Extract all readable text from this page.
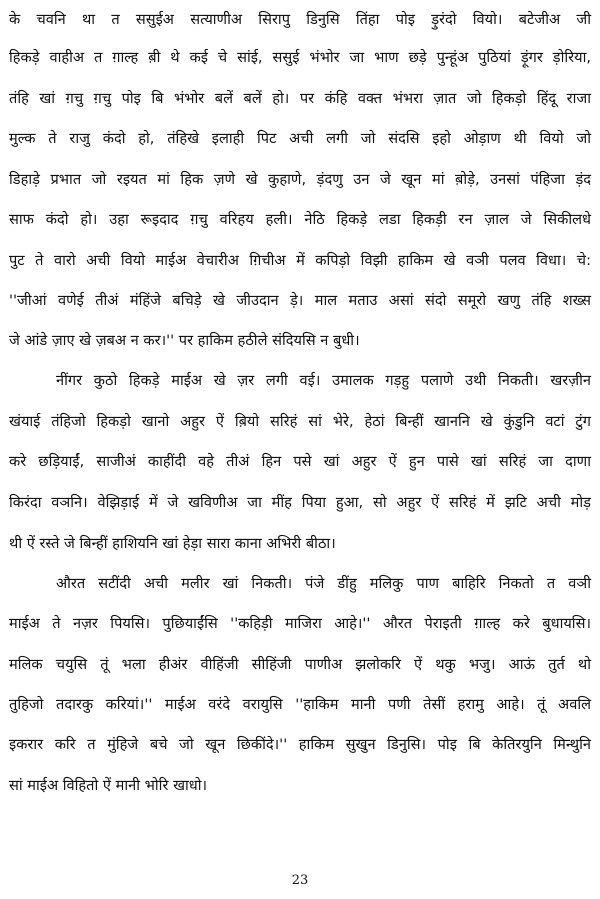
के चवनि था त ससुईअ सत्याणीअ सिरापु डिनुसि तिंहा पोइ ड़ुरंदो वियो। बटेजीअ जी
हिकड़े वाहीअ त ग़ाल्ह ब़ी थे कई चे सांई, ससुई भंभोर जा भाण छड़े पुन्हूंअ पुठियां ड़ूंगर ड़ोरिया,
तंहि खां ग़चु ग़चु पोइ बि भंभोर बलें बलें हो। पर कंहि वक्त भंभरा ज़ात जो हिकड़ो हिंदू राजा
मुल्क ते राजु कंदो हो, तंहिखे इलाही पिट अची लगी जो संदसि इहो ओड़ाण थी वियो जो
डिहाड़े प्रभात जो रइयत मां हिक ज़णे खे कुहाणे, ड़ंदणु उन जे खून मां ब़ोड़े, उनसां पंहिजा ड़ंद
साफ कंदो हो। उहा रूइदाद ग़चु वरिहय हली। नेठि हिकड़े लडा हिकड़ी रन ज़ाल जे सिकीलधे
पुट ते वारो अची वियो माईअ वेचारीअ ग़िचीअ में कपिड़ो विझी हाकिम खे वञी पलव विधा। चे:
''जीआं वणेई तीअं मंहिंजे बचिड़े खे जीउदान ड़े। माल मताउ असां संदो समूरो खणु तंहि शख्स
जे आंडे ज़ाए खे ज़बअ न कर।'' पर हाकिम हठीले संदियसि न बुधी।
नींगर कुठो हिकड़े माईअ खे ज़र लगी वई। उमालक गड़हु पलाणे उथी निकती। खरज़ीन
खंयाई तंहिजो हिकड़ो खानो अहुर ऐं ब़ियो सरिहं सां भेरे, हेठां बिन्हीं खाननि खे कुंडुनि वटां टुंग
करे छड़ियाईं, साजीअं काहींदी वहे तीअं हिन पसे खां अहुर ऐं हुन पासे खां सरिहं जा दाणा
किरंदा वञनि। वेझिड़ाई में जे खविणीअ जा मींह पिया हुआ, सो अहुर ऐं सरिहं में झटि अची मोड़
थी ऐं रस्ते जे बिन्हीं हाशियनि खां हेड़ा सारा काना अभिरी बीठा।
औरत सटींदी अची मलीर खां निकती। पंजे डींहु मलिकु पाण बाहिरि निकतो त वञी
माईअ ते नज़र पियसि। पुछियाईंसि ''कहिड़ी माजिरा आहे।'' औरत पेराइती ग़ाल्ह करे बुधायसि।
मलिक चयुसि तूं भला हीअंर वीहिंजी सीहिंजी पाणीअ झलोकरि ऐं थकु भजु। आऊं तुर्त थो
तुहिजो तदारकु करियां।'' माईअ वरंदे वरायुसि ''हाकिम मानी पणी तेसीं हरामु आहे। तूं अवलि
इकरार करि त मुंहिजे बचे जो खून छिकींदे।'' हाकिम सुखुन डिनुसि। पोइ बि केतिरयुनि मिन्थुनि
सां माईअ विहितो ऐं मानी भोरि खाधो।
23
